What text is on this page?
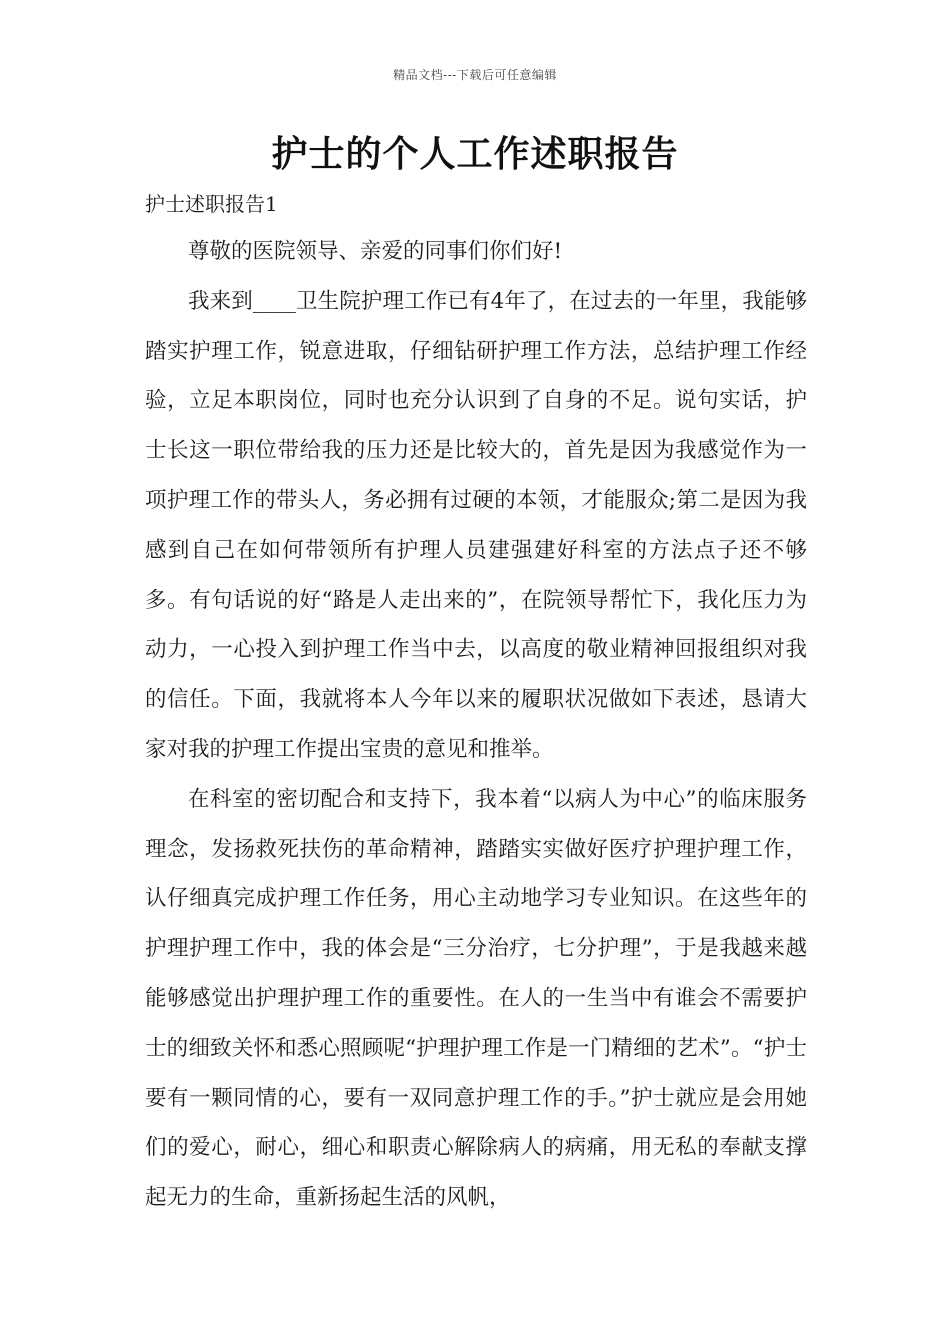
精品文档---下载后可任意编辑
护士的个人工作述职报告
护士述职报告1

尊敬的医院领导、亲爱的同事们你们好!

我来到____卫生院护理工作已有4年了，在过去的一年里，我能够踏实护理工作，锐意进取，仔细钻研护理工作方法，总结护理工作经验，立足本职岗位，同时也充分认识到了自身的不足。说句实话，护士长这一职位带给我的压力还是比较大的，首先是因为我感觉作为一项护理工作的带头人，务必拥有过硬的本领，才能服众;第二是因为我感到自己在如何带领所有护理人员建强建好科室的方法点子还不够多。有句话说的好“路是人走出来的”，在院领导帮忙下，我化压力为动力，一心投入到护理工作当中去，以高度的敬业精神回报组织对我的信任。下面，我就将本人今年以来的履职状况做如下表述，恳请大家对我的护理工作提出宝贵的意见和推举。

在科室的密切配合和支持下，我本着“以病人为中心”的临床服务理念，发扬救死扶伤的革命精神，踏踏实实做好医疗护理护理工作，认仔细真完成护理工作任务，用心主动地学习专业知识。在这些年的护理护理工作中，我的体会是“三分治疗，七分护理”，于是我越来越能够感觉出护理护理工作的重要性。在人的一生当中有谁会不需要护士的细致关怀和悉心照顾呢“护理护理工作是一门精细的艺术”。“护士要有一颗同情的心，要有一双同意护理工作的手。”护士就应是会用她们的爱心，耐心，细心和职责心解除病人的病痛，用无私的奉献支撑起无力的生命，重新扬起生活的风帆，
